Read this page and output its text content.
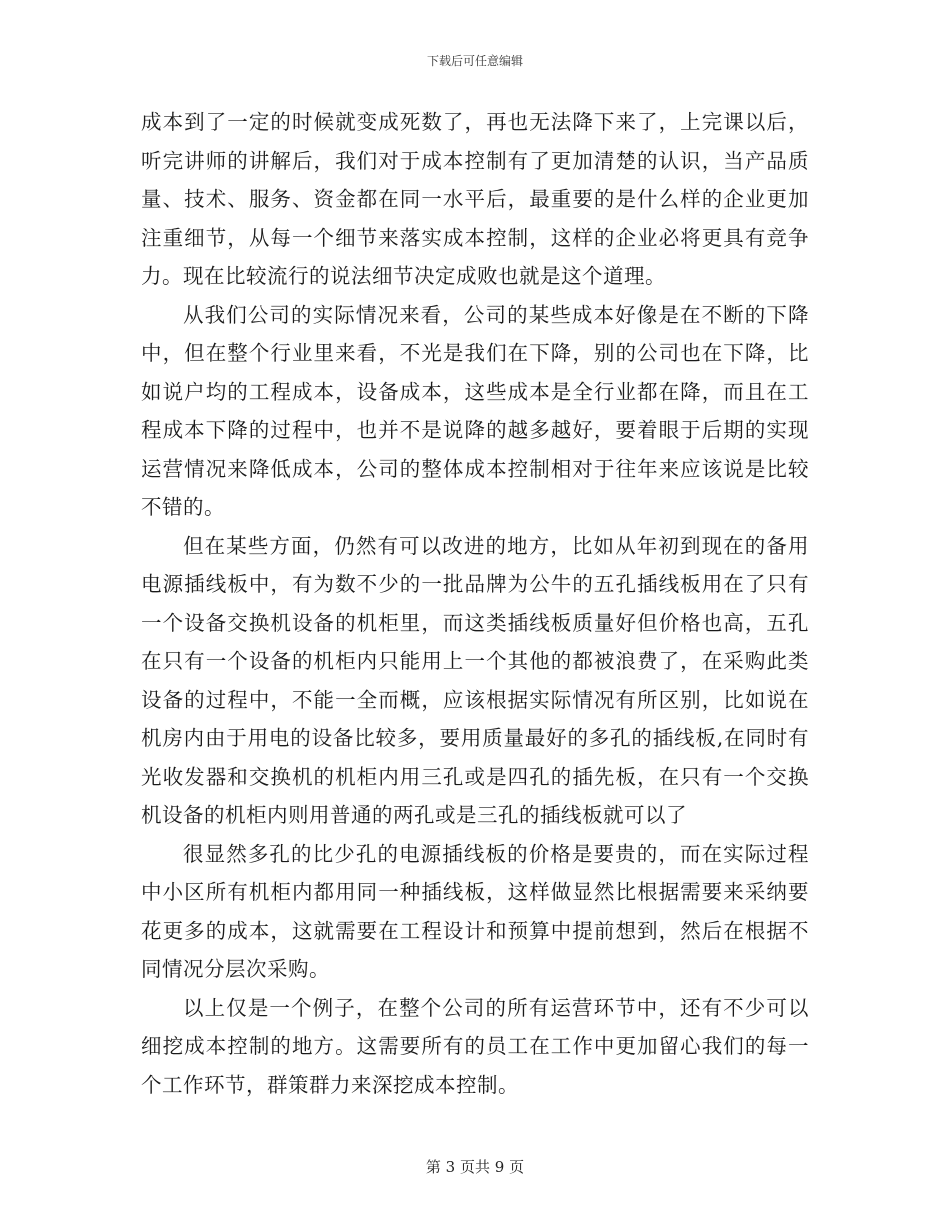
下载后可任意编辑

成本到了一定的时候就变成死数了，再也无法降下来了，上完课以后，听完讲师的讲解后，我们对于成本控制有了更加清楚的认识，当产品质量、技术、服务、资金都在同一水平后，最重要的是什么样的企业更加注重细节，从每一个细节来落实成本控制，这样的企业必将更具有竞争力。现在比较流行的说法细节决定成败也就是这个道理。

从我们公司的实际情况来看，公司的某些成本好像是在不断的下降中，但在整个行业里来看，不光是我们在下降，别的公司也在下降，比如说户均的工程成本，设备成本，这些成本是全行业都在降，而且在工程成本下降的过程中，也并不是说降的越多越好，要着眼于后期的实现运营情况来降低成本，公司的整体成本控制相对于往年来应该说是比较不错的。

但在某些方面，仍然有可以改进的地方，比如从年初到现在的备用电源插线板中，有为数不少的一批品牌为公牛的五孔插线板用在了只有一个设备交换机设备的机柜里，而这类插线板质量好但价格也高，五孔在只有一个设备的机柜内只能用上一个其他的都被浪费了，在采购此类设备的过程中，不能一全而概，应该根据实际情况有所区别，比如说在机房内由于用电的设备比较多，要用质量最好的多孔的插线板,在同时有光收发器和交换机的机柜内用三孔或是四孔的插先板，在只有一个交换机设备的机柜内则用普通的两孔或是三孔的插线板就可以了

很显然多孔的比少孔的电源插线板的价格是要贵的，而在实际过程中小区所有机柜内都用同一种插线板，这样做显然比根据需要来采纳要花更多的成本，这就需要在工程设计和预算中提前想到，然后在根据不同情况分层次采购。

以上仅是一个例子，在整个公司的所有运营环节中，还有不少可以细挖成本控制的地方。这需要所有的员工在工作中更加留心我们的每一个工作环节，群策群力来深挖成本控制。

第 3 页共 9 页
